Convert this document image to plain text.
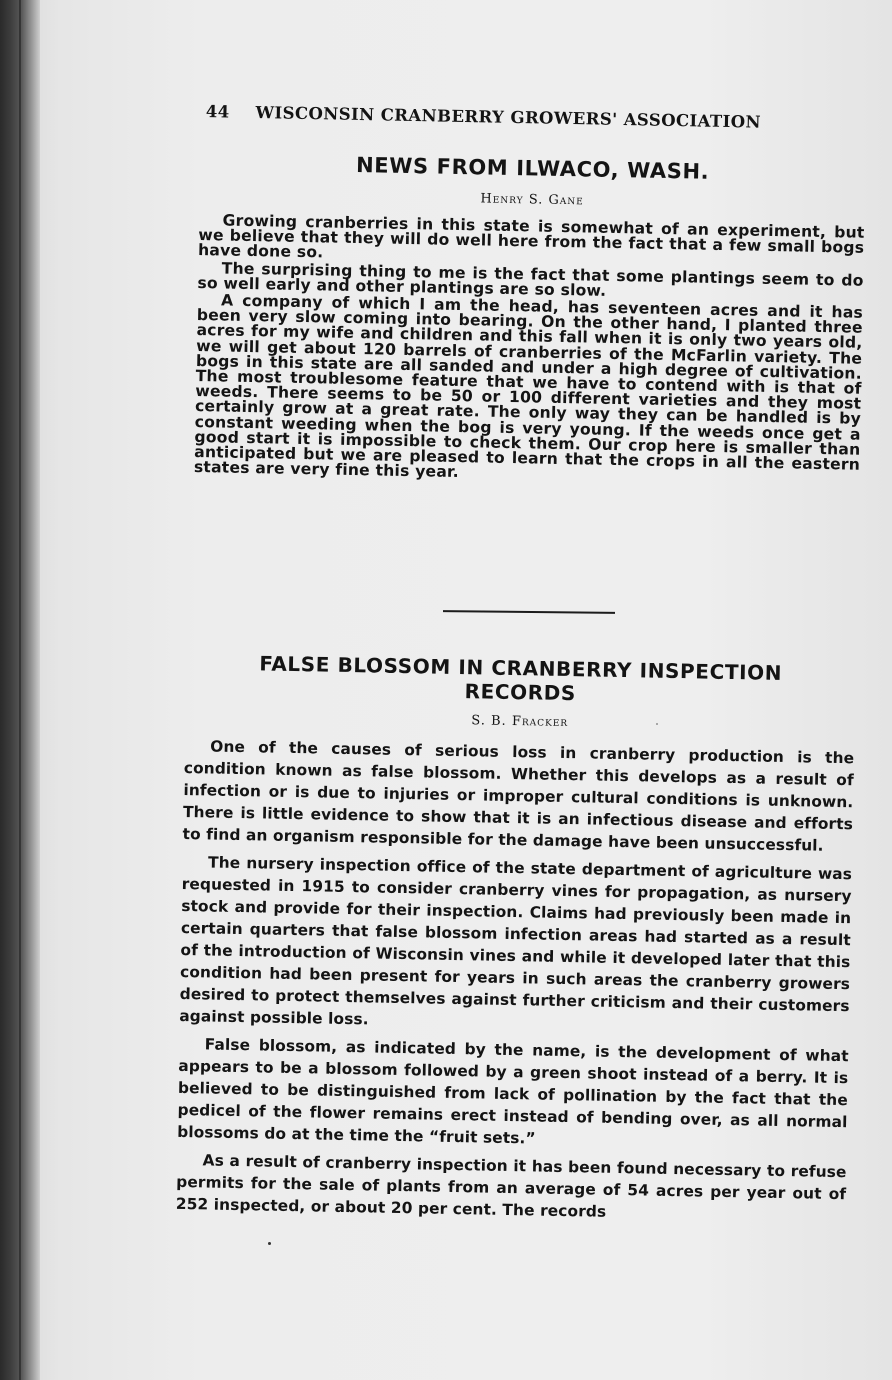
44 WISCONSIN CRANBERRY GROWERS' ASSOCIATION
NEWS FROM ILWACO, WASH.
Henry S. Gane

Growing cranberries in this state is somewhat of an experiment, but we believe that they will do well here from the fact that a few small bogs have done so.

The surprising thing to me is the fact that some plantings seem to do so well early and other plantings are so slow.

A company of which I am the head, has seventeen acres and it has been very slow coming into bearing. On the other hand, I planted three acres for my wife and children and this fall when it is only two years old, we will get about 120 barrels of cranberries of the McFarlin variety. The bogs in this state are all sanded and under a high degree of cultivation. The most troublesome feature that we have to contend with is that of weeds. There seems to be 50 or 100 different varieties and they most certainly grow at a great rate. The only way they can be handled is by constant weeding when the bog is very young. If the weeds once get a good start it is impossible to check them. Our crop here is smaller than anticipated but we are pleased to learn that the crops in all the eastern states are very fine this year.

FALSE BLOSSOM IN CRANBERRY INSPECTION
RECORDS
S. B. Fracker

One of the causes of serious loss in cranberry production is the condition known as false blossom. Whether this develops as a result of infection or is due to injuries or improper cultural conditions is unknown. There is little evidence to show that it is an infectious disease and efforts to find an organism responsible for the damage have been unsuccessful.

The nursery inspection office of the state department of agriculture was requested in 1915 to consider cranberry vines for propagation, as nursery stock and provide for their inspection. Claims had previously been made in certain quarters that false blossom infection areas had started as a result of the introduction of Wisconsin vines and while it developed later that this condition had been present for years in such areas the cranberry growers desired to protect themselves against further criticism and their customers against possible loss.

False blossom, as indicated by the name, is the development of what appears to be a blossom followed by a green shoot instead of a berry. It is believed to be distinguished from lack of pollination by the fact that the pedicel of the flower remains erect instead of bending over, as all normal blossoms do at the time the “fruit sets.”

As a result of cranberry inspection it has been found necessary to refuse permits for the sale of plants from an average of 54 acres per year out of 252 inspected, or about 20 per cent. The records
